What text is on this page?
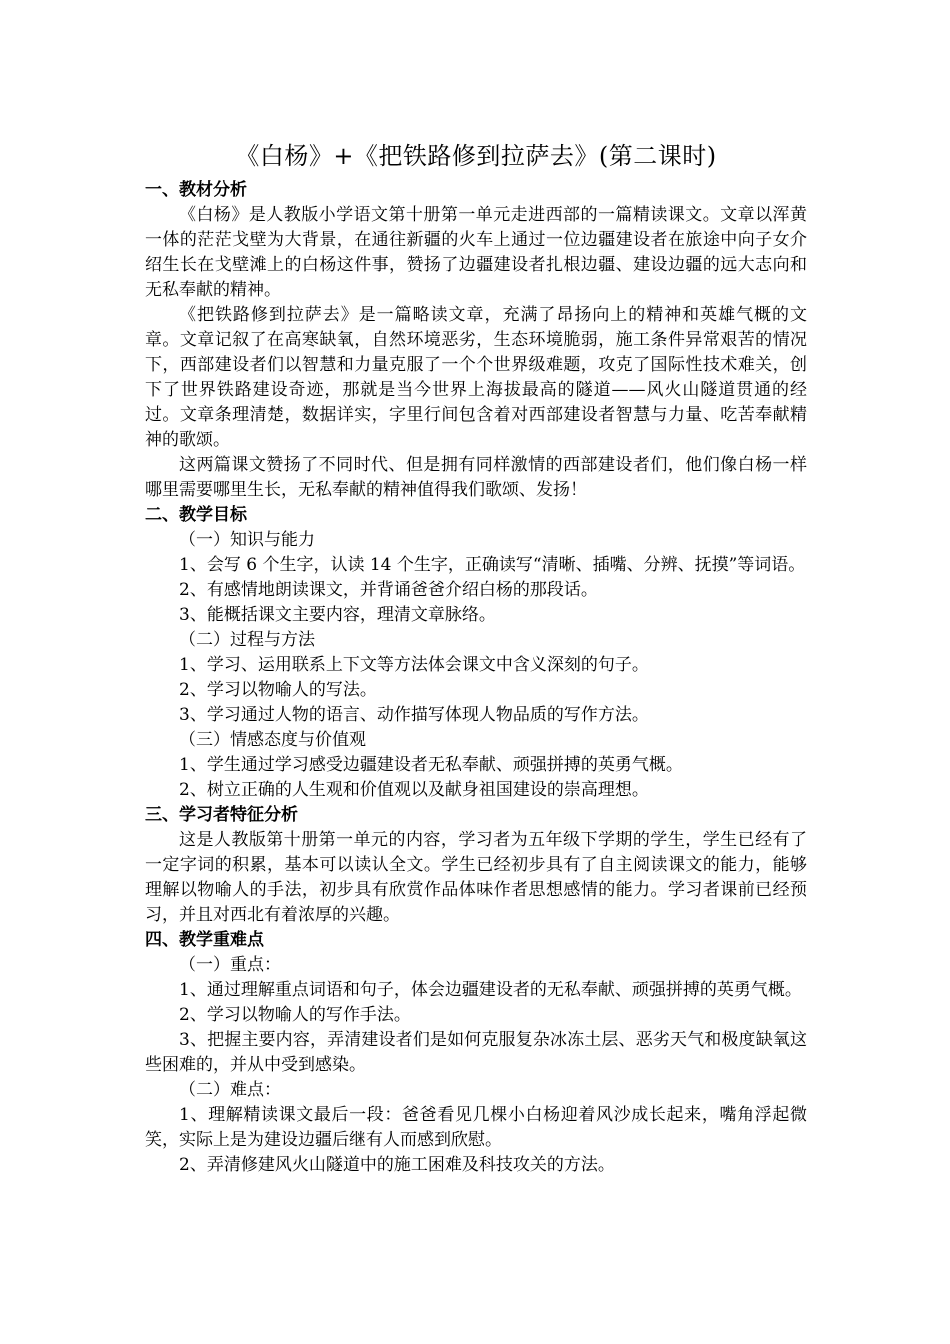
《白杨》+《把铁路修到拉萨去》(第二课时)
一、教材分析

《白杨》是人教版小学语文第十册第一单元走进西部的一篇精读课文。文章以浑黄一体的茫茫戈壁为大背景，在通往新疆的火车上通过一位边疆建设者在旅途中向子女介绍生长在戈壁滩上的白杨这件事，赞扬了边疆建设者扎根边疆、建设边疆的远大志向和无私奉献的精神。

《把铁路修到拉萨去》是一篇略读文章，充满了昂扬向上的精神和英雄气概的文章。文章记叙了在高寒缺氧，自然环境恶劣，生态环境脆弱，施工条件异常艰苦的情况下，西部建设者们以智慧和力量克服了一个个世界级难题，攻克了国际性技术难关，创下了世界铁路建设奇迹，那就是当今世界上海拔最高的隧道——风火山隧道贯通的经过。文章条理清楚，数据详实，字里行间包含着对西部建设者智慧与力量、吃苦奉献精神的歌颂。

这两篇课文赞扬了不同时代、但是拥有同样激情的西部建设者们，他们像白杨一样哪里需要哪里生长，无私奉献的精神值得我们歌颂、发扬！

二、教学目标

（一）知识与能力

1、会写 6 个生字，认读 14 个生字，正确读写“清晰、插嘴、分辨、抚摸”等词语。

2、有感情地朗读课文，并背诵爸爸介绍白杨的那段话。

3、能概括课文主要内容，理清文章脉络。

（二）过程与方法

1、学习、运用联系上下文等方法体会课文中含义深刻的句子。

2、学习以物喻人的写法。

3、学习通过人物的语言、动作描写体现人物品质的写作方法。

（三）情感态度与价值观

1、学生通过学习感受边疆建设者无私奉献、顽强拼搏的英勇气概。

2、树立正确的人生观和价值观以及献身祖国建设的崇高理想。

三、学习者特征分析

这是人教版第十册第一单元的内容，学习者为五年级下学期的学生，学生已经有了一定字词的积累，基本可以读认全文。学生已经初步具有了自主阅读课文的能力，能够理解以物喻人的手法，初步具有欣赏作品体味作者思想感情的能力。学习者课前已经预习，并且对西北有着浓厚的兴趣。

四、教学重难点

（一）重点：

1、通过理解重点词语和句子，体会边疆建设者的无私奉献、顽强拼搏的英勇气概。

2、学习以物喻人的写作手法。

3、把握主要内容，弄清建设者们是如何克服复杂冰冻土层、恶劣天气和极度缺氧这些困难的，并从中受到感染。

（二）难点：

1、理解精读课文最后一段：爸爸看见几棵小白杨迎着风沙成长起来，嘴角浮起微笑，实际上是为建设边疆后继有人而感到欣慰。

2、弄清修建风火山隧道中的施工困难及科技攻关的方法。
